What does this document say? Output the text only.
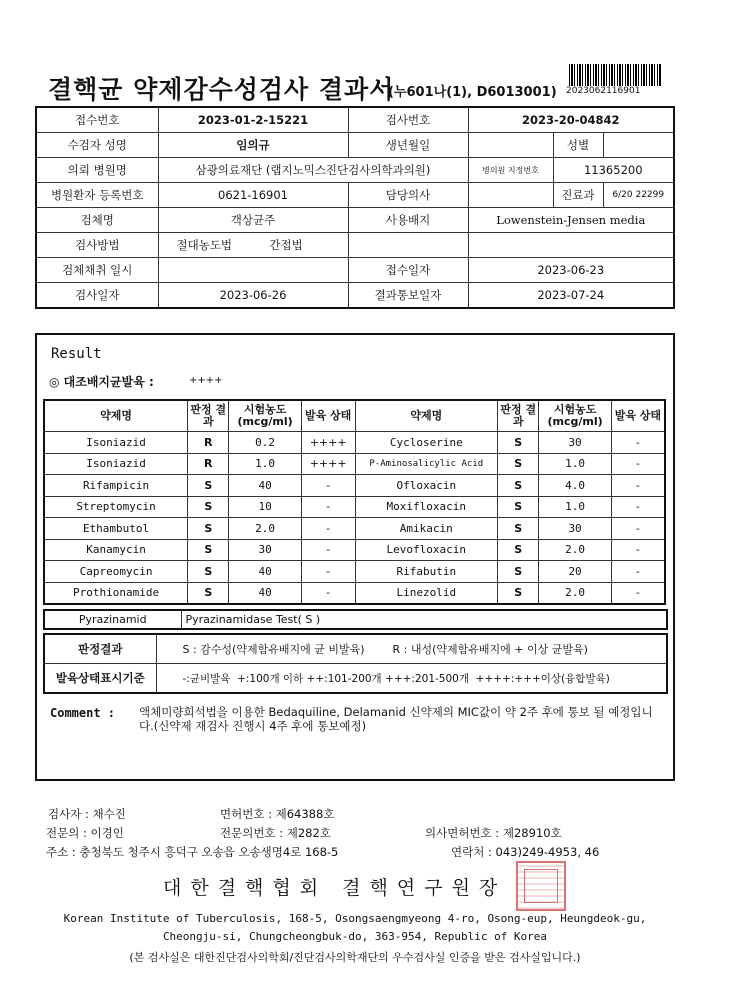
결핵균 약제감수성검사 결과서
(누601나(1), D6013001) 2023062116901
접수번호	2023-01-2-15221	검사번호	2023-20-04842		
수검자 성명	임의규	생년월일		성별	
의뢰 병원명	삼광의료재단 (랩지노믹스진단검사의학과의원)		병의원 지정번호	11365200	
병원환자 등록번호	0621-16901	담당의사		진료과	6/20 22299
검체명	객상균주	사용배지	Lowenstein-Jensen media		
검사방법	절대농도법 간접법				
검체채취 일시		접수일자	2023-06-23		
검사일자	2023-06-26	결과통보일자	2023-07-24		
Result
◎ 대조배지균발육 :	++++
약제명	판정 결과	시험농도 (mcg/ml)	발육 상태	약제명	판정 결과	시험농도 (mcg/ml)	발육 상태
Isoniazid	R	0.2	++++	Cycloserine	S	30	-
Isoniazid	R	1.0	++++	P-Aminosalicylic Acid	S	1.0	-
Rifampicin	S	40	-	Ofloxacin	S	4.0	-
Streptomycin	S	10	-	Moxifloxacin	S	1.0	-
Ethambutol	S	2.0	-	Amikacin	S	30	-
Kanamycin	S	30	-	Levofloxacin	S	2.0	-
Capreomycin	S	40	-	Rifabutin	S	20	-
Prothionamide	S	40	-	Linezolid	S	2.0	-
Pyrazinamid	Pyrazinamidase Test( S )
판정결과	S : 감수성(약제함유배지에 균 비발육)        R : 내성(약제함유배지에 + 이상 균발육)
발육상태표시기준	-:균비발육  +:100개 이하 ++:101-200개 +++:201-500개  ++++:+++이상(융합발육)
Comment : 액체미량희석법을 이용한 Bedaquiline, Delamanid 신약제의 MIC값이 약 2주 후에 통보 될 예정입니다.(신약제 재검사 진행시 4주 후에 통보예정)
검사자 : 채수진	면허번호 : 제64388호
전문의 : 이경인	전문의번호 : 제282호	의사면허번호 : 제28910호
주소 : 충청북도 청주시 흥덕구 오송읍 오송생명4로 168-5	연락처 : 043)249-4953, 46
대한결핵협회 결핵연구원장
Korean Institute of Tuberculosis, 168-5, Osongsaengmyeong 4-ro, Osong-eup, Heungdeok-gu,
Cheongju-si, Chungcheongbuk-do, 363-954, Republic of Korea
(본 검사실은 대한진단검사의학회/진단검사의학재단의 우수검사실 인증을 받은 검사실입니다.)
